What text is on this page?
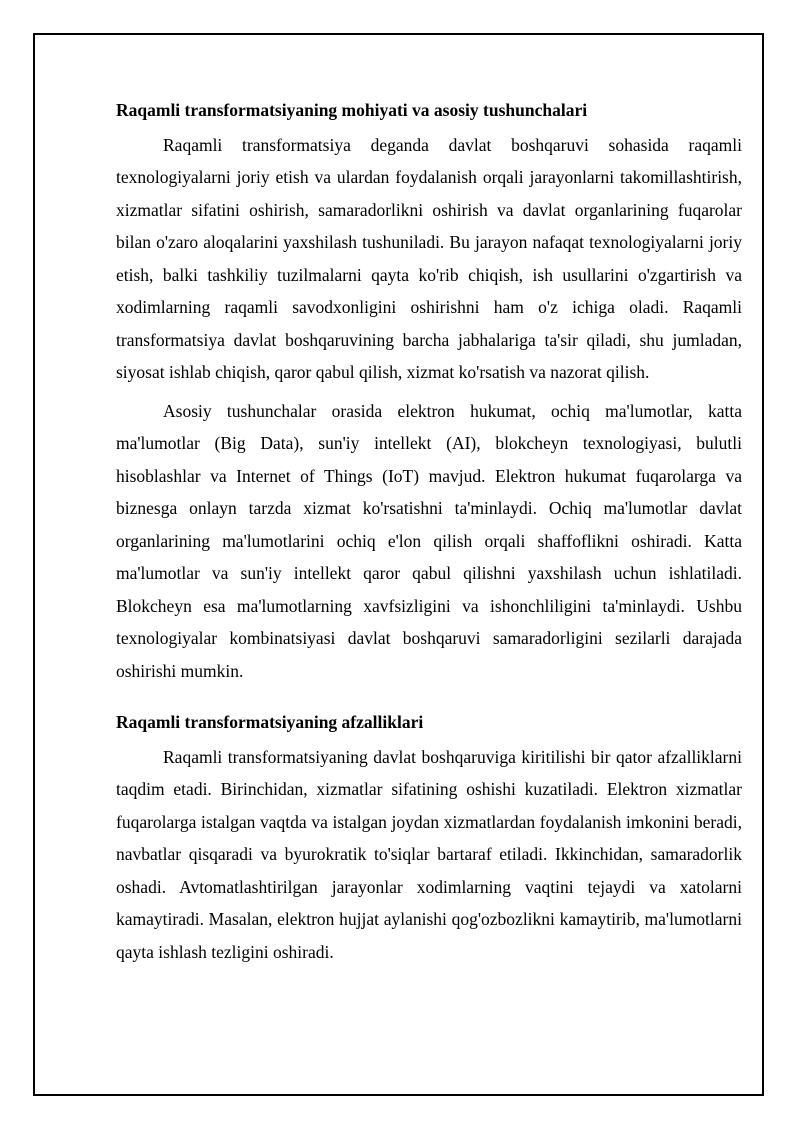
Raqamli transformatsiyaning mohiyati va asosiy tushunchalari

Raqamli transformatsiya deganda davlat boshqaruvi sohasida raqamli texnologiyalarni joriy etish va ulardan foydalanish orqali jarayonlarni takomillashtirish, xizmatlar sifatini oshirish, samaradorlikni oshirish va davlat organlarining fuqarolar bilan o'zaro aloqalarini yaxshilash tushuniladi. Bu jarayon nafaqat texnologiyalarni joriy etish, balki tashkiliy tuzilmalarni qayta ko'rib chiqish, ish usullarini o'zgartirish va xodimlarning raqamli savodxonligini oshirishni ham o'z ichiga oladi. Raqamli transformatsiya davlat boshqaruvining barcha jabhalariga ta'sir qiladi, shu jumladan, siyosat ishlab chiqish, qaror qabul qilish, xizmat ko'rsatish va nazorat qilish.

Asosiy tushunchalar orasida elektron hukumat, ochiq ma'lumotlar, katta ma'lumotlar (Big Data), sun'iy intellekt (AI), blokcheyn texnologiyasi, bulutli hisoblashlar va Internet of Things (IoT) mavjud. Elektron hukumat fuqarolarga va biznesga onlayn tarzda xizmat ko'rsatishni ta'minlaydi. Ochiq ma'lumotlar davlat organlarining ma'lumotlarini ochiq e'lon qilish orqali shaffoflikni oshiradi. Katta ma'lumotlar va sun'iy intellekt qaror qabul qilishni yaxshilash uchun ishlatiladi. Blokcheyn esa ma'lumotlarning xavfsizligini va ishonchliligini ta'minlaydi. Ushbu texnologiyalar kombinatsiyasi davlat boshqaruvi samaradorligini sezilarli darajada oshirishi mumkin.

Raqamli transformatsiyaning afzalliklari

Raqamli transformatsiyaning davlat boshqaruviga kiritilishi bir qator afzalliklarni taqdim etadi. Birinchidan, xizmatlar sifatining oshishi kuzatiladi. Elektron xizmatlar fuqarolarga istalgan vaqtda va istalgan joydan xizmatlardan foydalanish imkonini beradi, navbatlar qisqaradi va byurokratik to'siqlar bartaraf etiladi. Ikkinchidan, samaradorlik oshadi. Avtomatlashtirilgan jarayonlar xodimlarning vaqtini tejaydi va xatolarni kamaytiradi. Masalan, elektron hujjat aylanishi qog'ozbozlikni kamaytirib, ma'lumotlarni qayta ishlash tezligini oshiradi.
